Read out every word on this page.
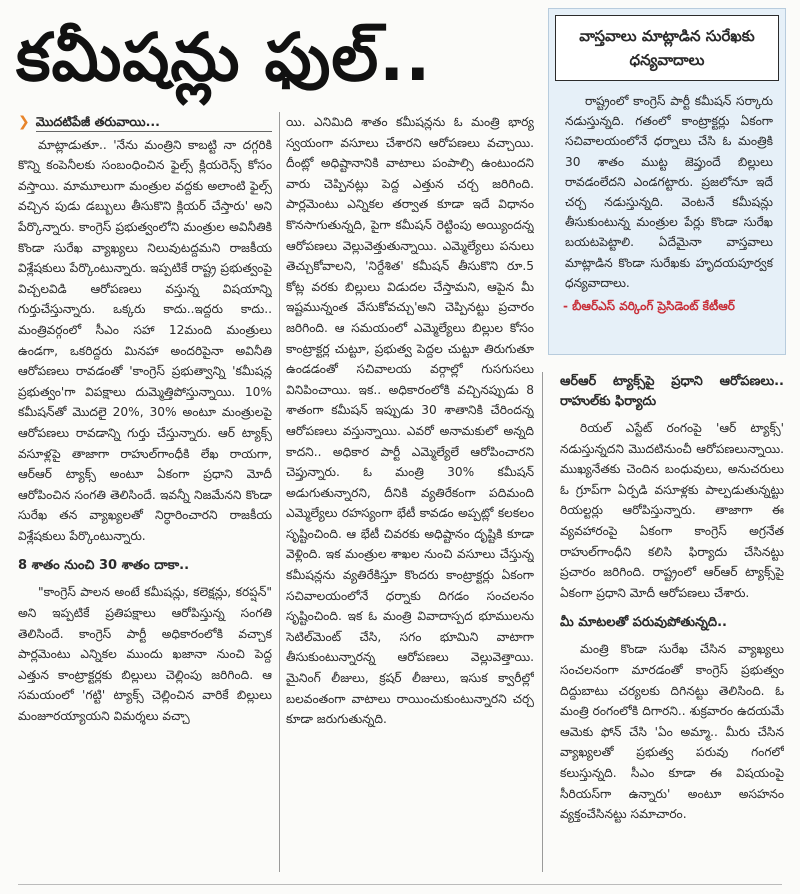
కమీషన్లు ఫుల్..
❯ మొదటిపేజీ తరువాయి...

మాట్లాడుతూ.. 'నేను మంత్రిని కాబట్టి నా దగ్గరికి కొన్ని కంపెనీలకు సంబంధించిన ఫైల్స్ క్లియరెన్స్ కోసం వస్తాయి. మామూలుగా మంత్రుల వద్దకు అలాంటి ఫైల్స్ వచ్చిన పుడు డబ్బులు తీసుకొని క్లియర్ చేస్తారు' అని పేర్కొన్నారు. కాంగ్రెస్ ప్రభుత్వంలోని మంత్రుల అవినీతికి కొండా సురేఖ వ్యాఖ్యలు నిలువుటద్దమని రాజకీయ విశ్లేషకులు పేర్కొంటున్నారు. ఇప్పటికే రాష్ట్ర ప్రభుత్వంపై విచ్చలవిడి ఆరోపణలు వస్తున్న విషయాన్ని గుర్తుచేస్తున్నారు. ఒక్కరు కాదు..ఇద్దరు కాదు.. మంత్రివర్గంలో సీఎం సహా 12మంది మంత్రులు ఉండగా, ఒకరిద్దరు మినహా అందరిపైనా అవినీతి ఆరోపణలు రావడంతో 'కాంగ్రెస్ ప్రభుత్వాన్ని 'కమీషన్ల ప్రభుత్వం'గా విపక్షాలు దుమ్మెత్తిపోస్తున్నాయి. 10% కమీషన్‌తో మొదలై 20%, 30% అంటూ మంత్రులపై ఆరోపణలు రావడాన్ని గుర్తు చేస్తున్నారు. ఆర్ ట్యాక్స్ వసూళ్లపై తాజాగా రాహుల్‌గాంధీకి లేఖ రాయగా, ఆర్‌ఆర్ ట్యాక్స్ అంటూ ఏకంగా ప్రధాని మోదీ ఆరోపించిన సంగతి తెలిసిందే. ఇవన్నీ నిజమేనని కొండా సురేఖ తన వ్యాఖ్యలతో నిర్ధారించారని రాజకీయ విశ్లేషకులు పేర్కొంటున్నారు.

8 శాతం నుంచి 30 శాతం దాకా..

"కాంగ్రెస్ పాలన అంటే కమీషన్లు, కలెక్షన్లు, కరప్షన్" అని ఇప్పటికే ప్రతిపక్షాలు ఆరోపిస్తున్న సంగతి తెలిసిందే. కాంగ్రెస్ పార్టీ అధికారంలోకి వచ్చాక పార్లమెంటు ఎన్నికల ముందు ఖజానా నుంచి పెద్ద ఎత్తున కాంట్రాక్టర్లకు బిల్లులు చెల్లింపు జరిగింది. ఆ సమయంలో 'గట్టి' ట్యాక్స్ చెల్లించిన వారికే బిల్లులు మంజూరయ్యాయని విమర్శలు వచ్చా

యి. ఎనిమిది శాతం కమీషన్లను ఓ మంత్రి భార్య స్వయంగా వసూలు చేశారని ఆరోపణలు వచ్చాయి. దీంట్లో అధిష్టానానికి వాటాలు పంపాల్సి ఉంటుందని వారు చెప్పినట్లు పెద్ద ఎత్తున చర్చ జరిగింది. పార్లమెంటు ఎన్నికల తర్వాత కూడా ఇదే విధానం కొనసాగుతున్నది, పైగా కమీషన్ రెట్టింపు అయ్యిందన్న ఆరోపణలు వెల్లువెత్తుతున్నాయి. ఎమ్మెల్యేలు పనులు తెచ్చుకోవాలని, 'నిర్దేశిత' కమీషన్ తీసుకొని రూ.5 కోట్ల వరకు బిల్లులు విడుదల చేస్తామని, ఆపైన మీ ఇష్టమున్నంత వేసుకోవచ్చు'అని చెప్పినట్టు ప్రచారం జరిగింది. ఆ సమయంలో ఎమ్మెల్యేలు బిల్లుల కోసం కాంట్రాక్టర్ల చుట్టూ, ప్రభుత్వ పెద్దల చుట్టూ తిరుగుతూ ఉండడంతో సచివాలయ వర్గాల్లో గుసగుసలు వినిపించాయి. ఇక.. అధికారంలోకి వచ్చినప్పుడు 8 శాతంగా కమీషన్ ఇప్పుడు 30 శాతానికి చేరిందన్న ఆరోపణలు వస్తున్నాయి. ఎవరో అనామకులో అన్నది కాదని.. అధికార పార్టీ ఎమ్మెల్యేలే ఆరోపించారని చెప్తున్నారు. ఓ మంత్రి 30% కమీషన్ అడుగుతున్నారని, దీనికి వ్యతిరేకంగా పదిమంది ఎమ్మెల్యేలు రహస్యంగా భేటీ కావడం అప్పట్లో కలకలం సృష్టించింది. ఆ భేటీ చివరకు అధిష్టానం దృష్టికి కూడా వెళ్లింది. ఇక మంత్రుల శాఖల నుంచి వసూలు చేస్తున్న కమీషన్లను వ్యతిరేకిస్తూ కొందరు కాంట్రాక్టర్లు ఏకంగా సచివాలయంలోనే ధర్నాకు దిగడం సంచలనం సృష్టించింది. ఇక ఓ మంత్రి వివాదాస్పద భూములను సెటిల్‌మెంట్ చేసి, సగం భూమిని వాటాగా తీసుకుంటున్నారన్న ఆరోపణలు వెల్లువెత్తాయి. మైనింగ్ లీజులు, క్రషర్ లీజులు, ఇసుక క్వారీల్లో బలవంతంగా వాటాలు రాయించుకుంటున్నారని చర్చ కూడా జరుగుతున్నది.

వాస్తవాలు మాట్లాడిన సురేఖకు ధన్యవాదాలు

రాష్ట్రంలో కాంగ్రెస్ పార్టీ కమీషన్ సర్కారు నడుస్తున్నది. గతంలో కాంట్రాక్టర్లు ఏకంగా సచివాలయంలోనే ధర్నాలు చేసి ఓ మంత్రికి 30 శాతం ముట్ట జెప్తుందే బిల్లులు రావడంలేదని ఎండగట్టారు. ప్రజలోనూ ఇదే చర్చ నడుస్తున్నది. వెంటనే కమీషన్లు తీసుకుంటున్న మంత్రుల పేర్లు కొండా సురేఖ బయటపెట్టాలి. ఏదేమైనా వాస్తవాలు మాట్లాడిన కొండా సురేఖకు హృదయపూర్వక ధన్యవాదాలు.

- బీఆర్‌ఎస్ వర్కింగ్ ప్రెసిడెంట్ కేటీఆర్
ఆర్ఆర్ ట్యాక్స్‌పై ప్రధాని ఆరోపణలు.. రాహుల్‌కు ఫిర్యాదు

రియల్ ఎస్టేట్ రంగంపై 'ఆర్ ట్యాక్స్' నడుస్తున్నదని మొదటినుంచీ ఆరోపణలున్నాయి. ముఖ్యనేతకు చెందిన బంధువులు, అనుచరులు ఓ గ్రూప్‌గా ఏర్పడి వసూళ్లకు పాల్పడుతున్నట్టు రియల్టర్లు ఆరోపిస్తున్నారు. తాజాగా ఈ వ్యవహారంపై ఏకంగా కాంగ్రెస్ అగ్రనేత రాహుల్‌గాంధీని కలిసి ఫిర్యాదు చేసినట్టు ప్రచారం జరిగింది. రాష్ట్రంలో ఆర్ఆర్ ట్యాక్స్‌పై ఏకంగా ప్రధాని మోదీ ఆరోపణలు చేశారు.

మీ మాటలతో పరువుపోతున్నది..

మంత్రి కొండా సురేఖ చేసిన వ్యాఖ్యలు సంచలనంగా మారడంతో కాంగ్రెస్ ప్రభుత్వం దిద్దుబాటు చర్యలకు దిగినట్టు తెలిసింది. ఓ మంత్రి రంగంలోకి దిగారని.. శుక్రవారం ఉదయమే ఆమెకు ఫోన్ చేసి 'ఏం అమ్మా.. మీరు చేసిన వ్యాఖ్యలతో ప్రభుత్వ పరువు గంగలో కలుస్తున్నది. సీఎం కూడా ఈ విషయంపై సీరియస్‌గా ఉన్నారు' అంటూ అసహనం వ్యక్తంచేసినట్టు సమాచారం.
